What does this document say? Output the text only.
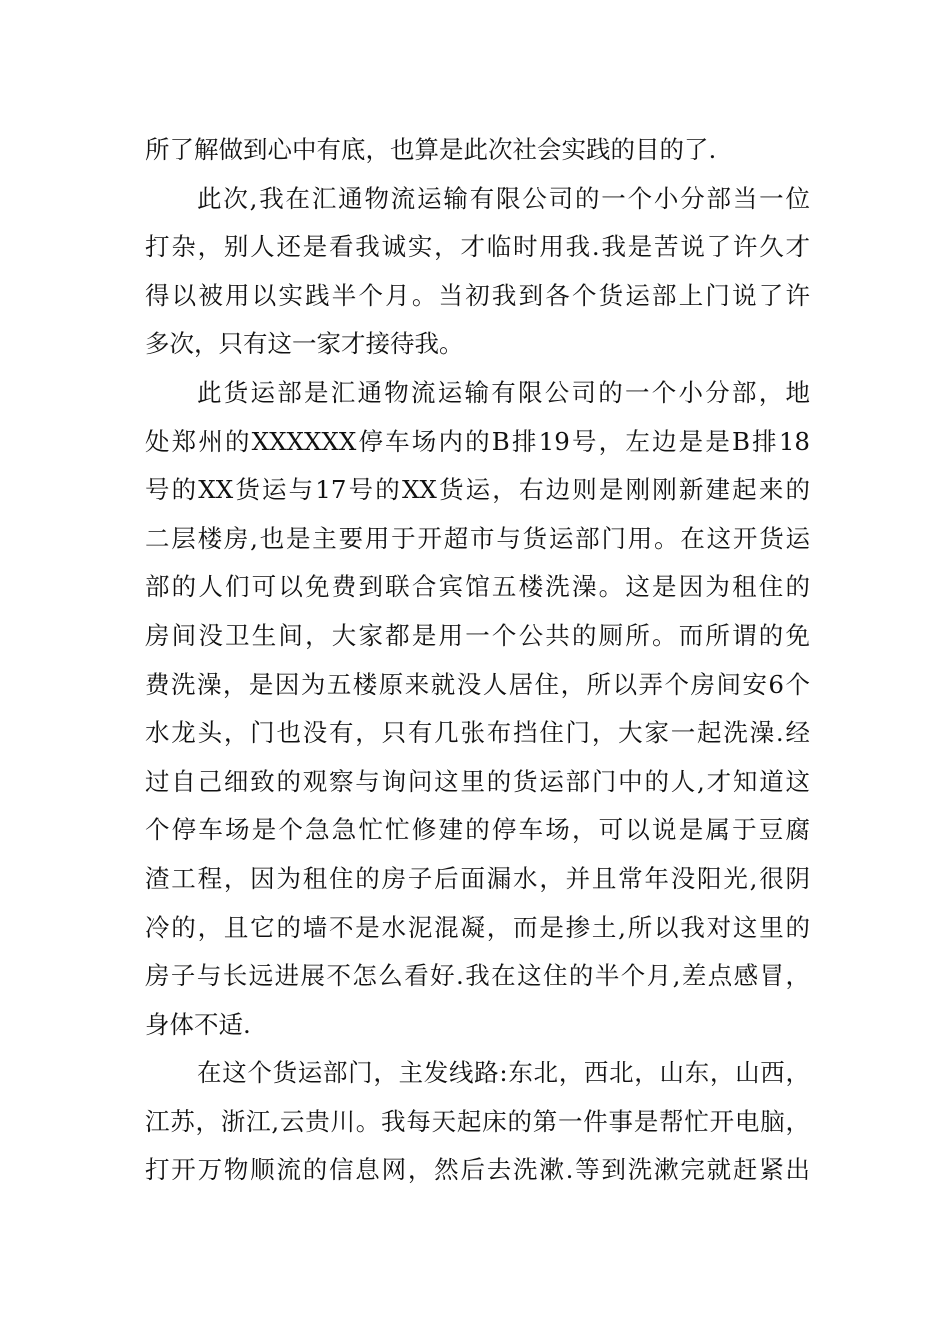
所了解做到心中有底，也算是此次社会实践的目的了.
此次,我在汇通物流运输有限公司的一个小分部当一位
打杂，别人还是看我诚实，才临时用我.我是苦说了许久才
得以被用以实践半个月。当初我到各个货运部上门说了许
多次，只有这一家才接待我。
此货运部是汇通物流运输有限公司的一个小分部，地
处郑州的XXXXXX停车场内的B排19号，左边是是B排18
号的XX货运与17号的XX货运，右边则是刚刚新建起来的
二层楼房,也是主要用于开超市与货运部门用。在这开货运
部的人们可以免费到联合宾馆五楼洗澡。这是因为租住的
房间没卫生间，大家都是用一个公共的厕所。而所谓的免
费洗澡，是因为五楼原来就没人居住，所以弄个房间安6个
水龙头，门也没有，只有几张布挡住门，大家一起洗澡.经
过自己细致的观察与询问这里的货运部门中的人,才知道这
个停车场是个急急忙忙修建的停车场，可以说是属于豆腐
渣工程，因为租住的房子后面漏水，并且常年没阳光,很阴
冷的，且它的墙不是水泥混凝，而是掺土,所以我对这里的
房子与长远进展不怎么看好.我在这住的半个月,差点感冒，
身体不适.
在这个货运部门，主发线路:东北，西北，山东，山西，
江苏，浙江,云贵川。我每天起床的第一件事是帮忙开电脑，
打开万物顺流的信息网，然后去洗漱.等到洗漱完就赶紧出
